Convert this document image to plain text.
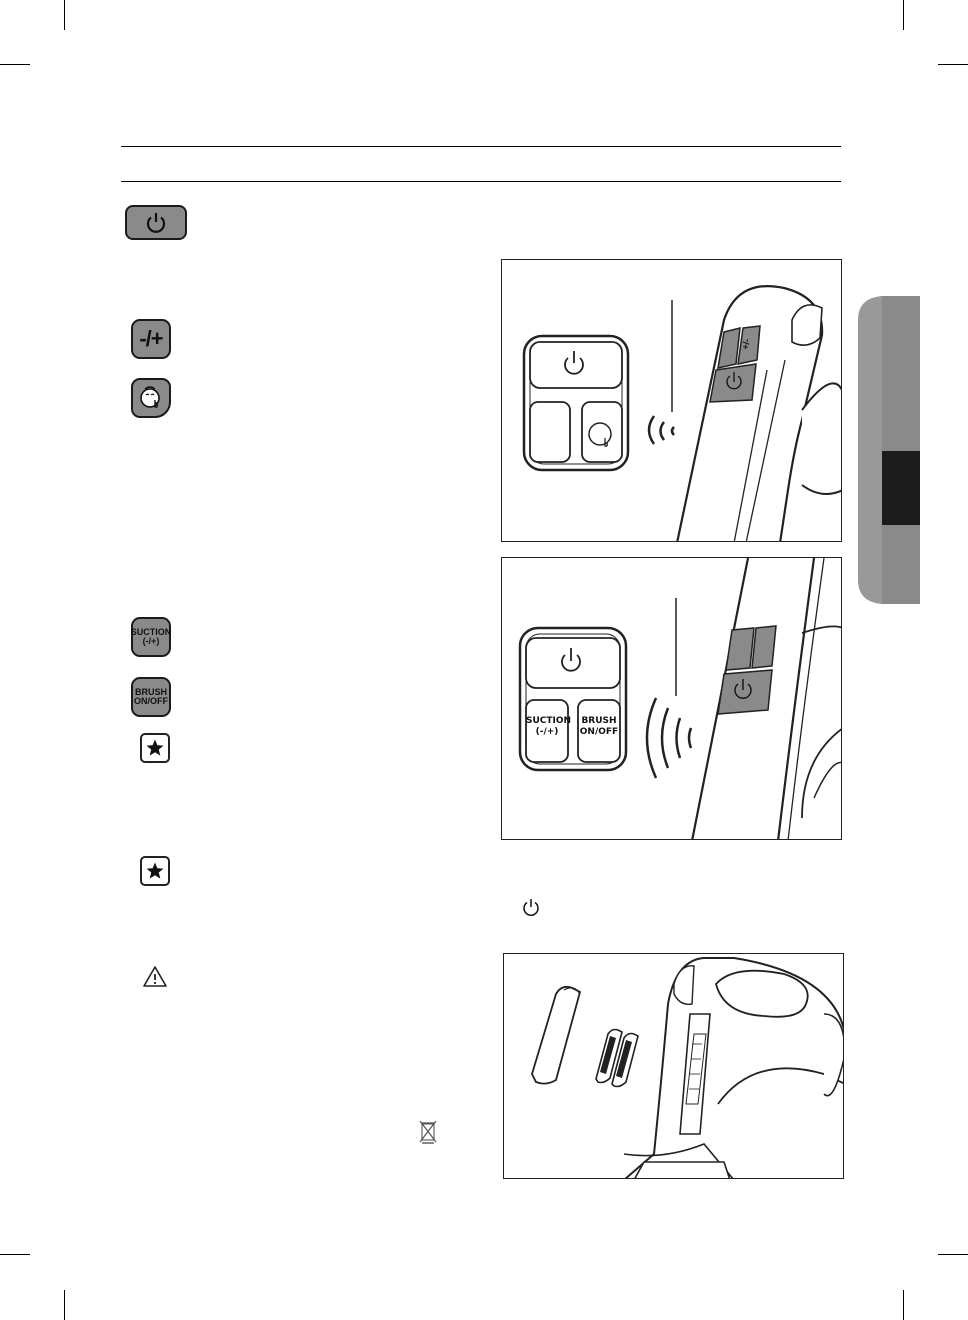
-/+	+/-
SUCTION
(-/+)
BRUSH
ON/OFF
SUCTION
(-/+)
BRUSH
ON/OFF
